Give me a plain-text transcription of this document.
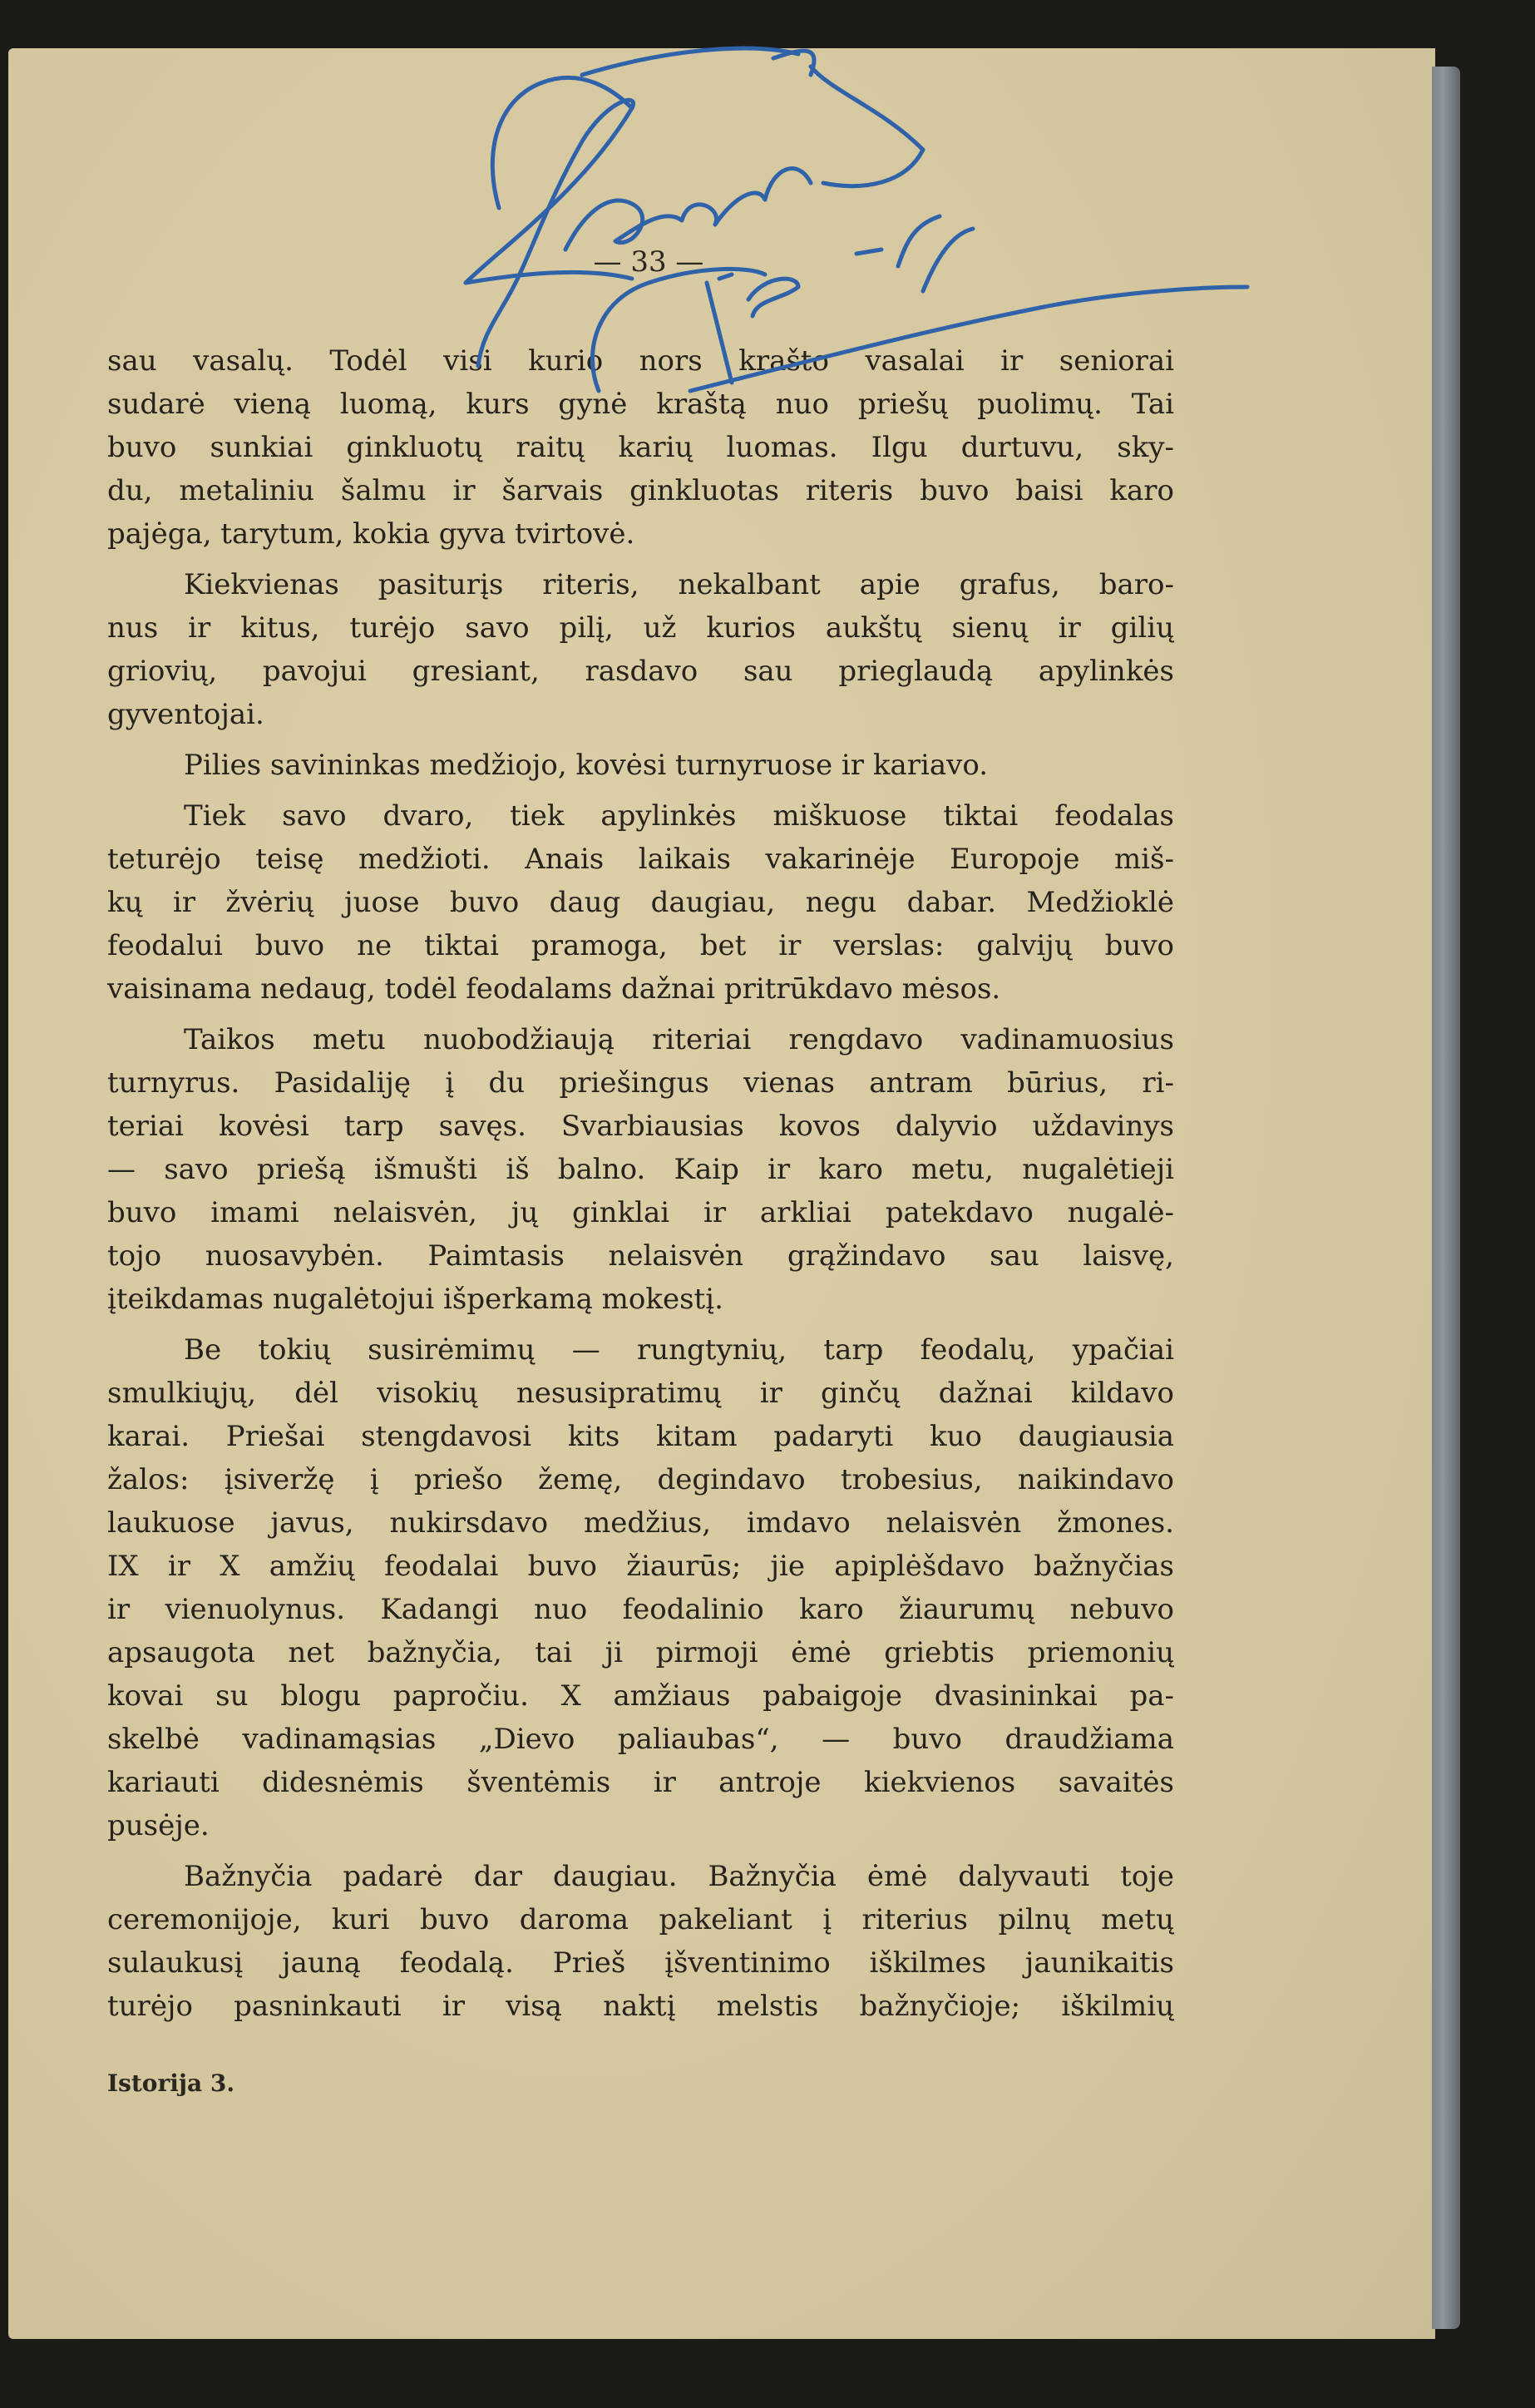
— 33 —
sau vasalų. Todėl visi kurio nors krašto vasalai ir seniorai
sudarė vieną luomą, kurs gynė kraštą nuo priešų puolimų. Tai
buvo sunkiai ginkluotų raitų karių luomas. Ilgu durtuvu, sky-
du, metaliniu šalmu ir šarvais ginkluotas riteris buvo baisi karo
pajėga, tarytum, kokia gyva tvirtovė.
Kiekvienas pasiturįs riteris, nekalbant apie grafus, baro-
nus ir kitus, turėjo savo pilį, už kurios aukštų sienų ir gilių
griovių, pavojui gresiant, rasdavo sau prieglaudą apylinkės
gyventojai.
Pilies savininkas medžiojo, kovėsi turnyruose ir kariavo.
Tiek savo dvaro, tiek apylinkės miškuose tiktai feodalas
teturėjo teisę medžioti. Anais laikais vakarinėje Europoje miš-
kų ir žvėrių juose buvo daug daugiau, negu dabar. Medžioklė
feodalui buvo ne tiktai pramoga, bet ir verslas: galvijų buvo
vaisinama nedaug, todėl feodalams dažnai pritrūkdavo mėsos.
Taikos metu nuobodžiaują riteriai rengdavo vadinamuosius
turnyrus. Pasidaliję į du priešingus vienas antram būrius, ri-
teriai kovėsi tarp savęs. Svarbiausias kovos dalyvio uždavinys
— savo priešą išmušti iš balno. Kaip ir karo metu, nugalėtieji
buvo imami nelaisvėn, jų ginklai ir arkliai patekdavo nugalė-
tojo nuosavybėn. Paimtasis nelaisvėn grąžindavo sau laisvę,
įteikdamas nugalėtojui išperkamą mokestį.
Be tokių susirėmimų — rungtynių, tarp feodalų, ypačiai
smulkiųjų, dėl visokių nesusipratimų ir ginčų dažnai kildavo
karai. Priešai stengdavosi kits kitam padaryti kuo daugiausia
žalos: įsiveržę į priešo žemę, degindavo trobesius, naikindavo
laukuose javus, nukirsdavo medžius, imdavo nelaisvėn žmones.
IX ir X amžių feodalai buvo žiaurūs; jie apiplėšdavo bažnyčias
ir vienuolynus. Kadangi nuo feodalinio karo žiaurumų nebuvo
apsaugota net bažnyčia, tai ji pirmoji ėmė griebtis priemonių
kovai su blogu papročiu. X amžiaus pabaigoje dvasininkai pa-
skelbė vadinamąsias „Dievo paliaubas“, — buvo draudžiama
kariauti didesnėmis šventėmis ir antroje kiekvienos savaitės
pusėje.
Bažnyčia padarė dar daugiau. Bažnyčia ėmė dalyvauti toje
ceremonijoje, kuri buvo daroma pakeliant į riterius pilnų metų
sulaukusį jauną feodalą. Prieš įšventinimo iškilmes jaunikaitis
turėjo pasninkauti ir visą naktį melstis bažnyčioje; iškilmių
Istorija 3.
